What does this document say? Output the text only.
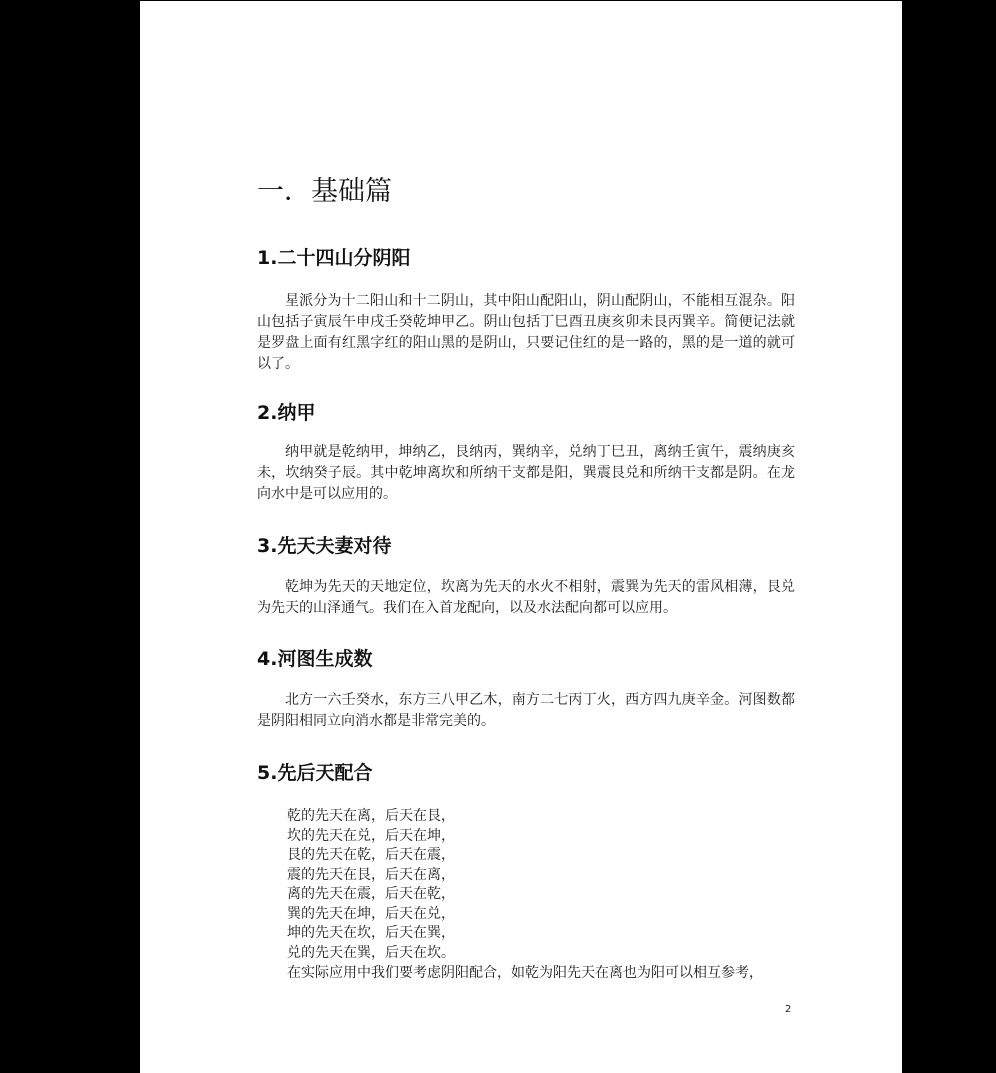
一．基础篇
1.二十四山分阴阳

星派分为十二阳山和十二阴山，其中阳山配阳山，阴山配阴山，不能相互混杂。阳山包括子寅辰午申戌壬癸乾坤甲乙。阴山包括丁巳酉丑庚亥卯未艮丙巽辛。简便记法就是罗盘上面有红黑字红的阳山黑的是阴山，只要记住红的是一路的，黑的是一道的就可以了。

2.纳甲

纳甲就是乾纳甲，坤纳乙，艮纳丙，巽纳辛，兑纳丁巳丑，离纳壬寅午，震纳庚亥未，坎纳癸子辰。其中乾坤离坎和所纳干支都是阳，巽震艮兑和所纳干支都是阴。在龙向水中是可以应用的。

3.先天夫妻对待

乾坤为先天的天地定位，坎离为先天的水火不相射，震巽为先天的雷风相薄，艮兑为先天的山泽通气。我们在入首龙配向，以及水法配向都可以应用。

4.河图生成数

北方一六壬癸水，东方三八甲乙木，南方二七丙丁火，西方四九庚辛金。河图数都是阴阳相同立向消水都是非常完美的。

5.先后天配合
乾的先天在离，后天在艮，
坎的先天在兑，后天在坤，
艮的先天在乾，后天在震，
震的先天在艮，后天在离，
离的先天在震，后天在乾，
巽的先天在坤，后天在兑，
坤的先天在坎，后天在巽，
兑的先天在巽，后天在坎。

在实际应用中我们要考虑阴阳配合，如乾为阳先天在离也为阳可以相互参考，

2
